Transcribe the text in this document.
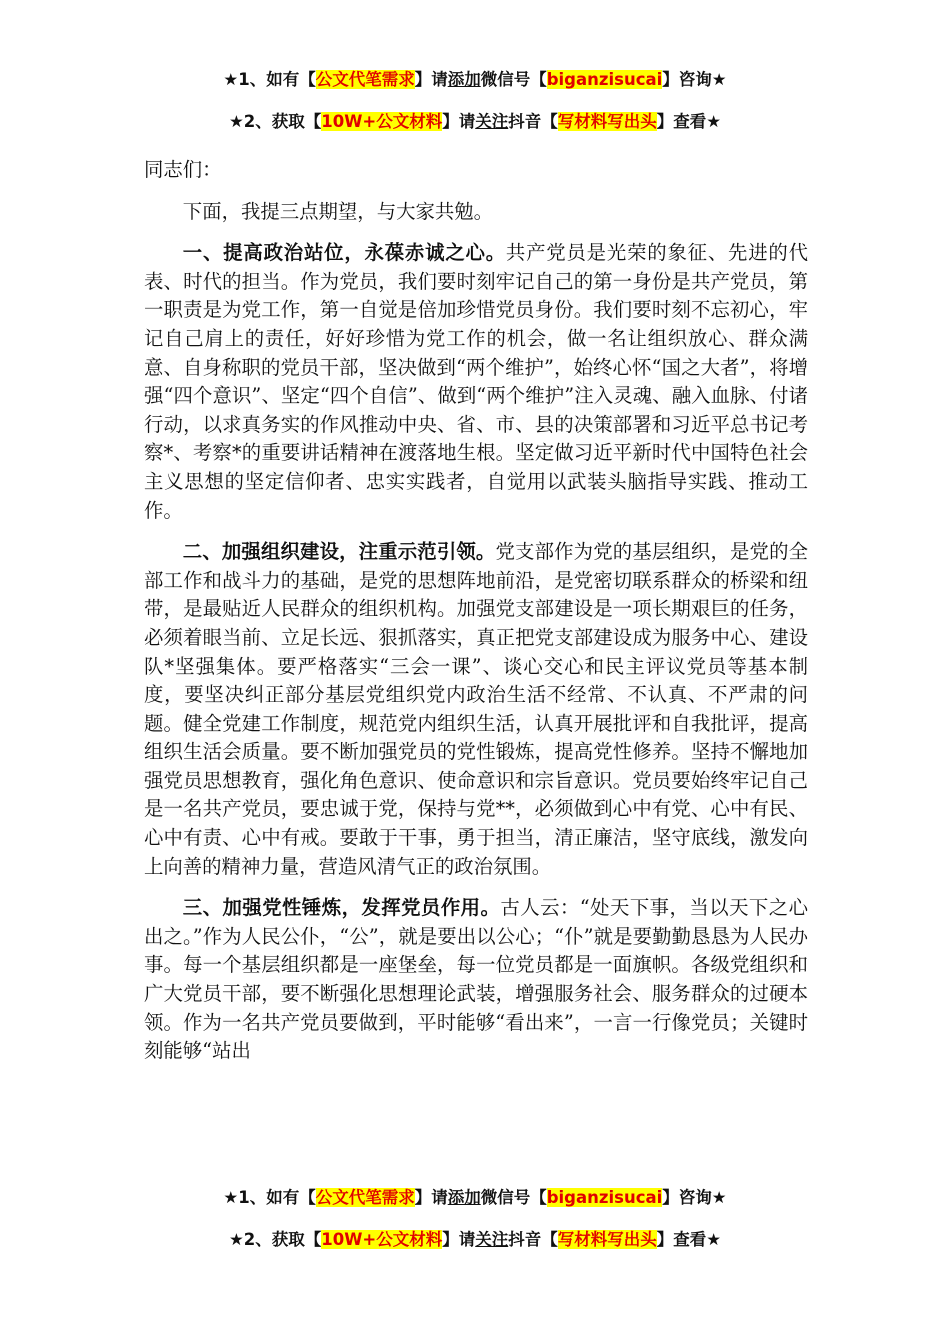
★1、如有【公文代笔需求】请添加微信号【biganzisucai】咨询★
★2、获取【10W+公文材料】请关注抖音【写材料写出头】查看★

同志们：

下面，我提三点期望，与大家共勉。

一、提高政治站位，永葆赤诚之心。共产党员是光荣的象征、先进的代表、时代的担当。作为党员，我们要时刻牢记自己的第一身份是共产党员，第一职责是为党工作，第一自觉是倍加珍惜党员身份。我们要时刻不忘初心，牢记自己肩上的责任，好好珍惜为党工作的机会，做一名让组织放心、群众满意、自身称职的党员干部，坚决做到“两个维护”，始终心怀“国之大者”，将增强“四个意识”、坚定“四个自信”、做到“两个维护”注入灵魂、融入血脉、付诸行动，以求真务实的作风推动中央、省、市、县的决策部署和习近平总书记考察*、考察*的重要讲话精神在渡落地生根。坚定做习近平新时代中国特色社会主义思想的坚定信仰者、忠实实践者，自觉用以武装头脑指导实践、推动工作。

二、加强组织建设，注重示范引领。党支部作为党的基层组织，是党的全部工作和战斗力的基础，是党的思想阵地前沿，是党密切联系群众的桥梁和纽带，是最贴近人民群众的组织机构。加强党支部建设是一项长期艰巨的任务，必须着眼当前、立足长远、狠抓落实，真正把党支部建设成为服务中心、建设队*坚强集体。要严格落实“三会一课”、谈心交心和民主评议党员等基本制度，要坚决纠正部分基层党组织党内政治生活不经常、不认真、不严肃的问题。健全党建工作制度，规范党内组织生活，认真开展批评和自我批评，提高组织生活会质量。要不断加强党员的党性锻炼，提高党性修养。坚持不懈地加强党员思想教育，强化角色意识、使命意识和宗旨意识。党员要始终牢记自己是一名共产党员，要忠诚于党，保持与党**，必须做到心中有党、心中有民、心中有责、心中有戒。要敢于干事，勇于担当，清正廉洁，坚守底线，激发向上向善的精神力量，营造风清气正的政治氛围。

三、加强党性锤炼，发挥党员作用。古人云：“处天下事，当以天下之心出之。”作为人民公仆，“公”，就是要出以公心；“仆”就是要勤勤恳恳为人民办事。每一个基层组织都是一座堡垒，每一位党员都是一面旗帜。各级党组织和广大党员干部，要不断强化思想理论武装，增强服务社会、服务群众的过硬本领。作为一名共产党员要做到，平时能够“看出来”，一言一行像党员；关键时刻能够“站出

★1、如有【公文代笔需求】请添加微信号【biganzisucai】咨询★
★2、获取【10W+公文材料】请关注抖音【写材料写出头】查看★
